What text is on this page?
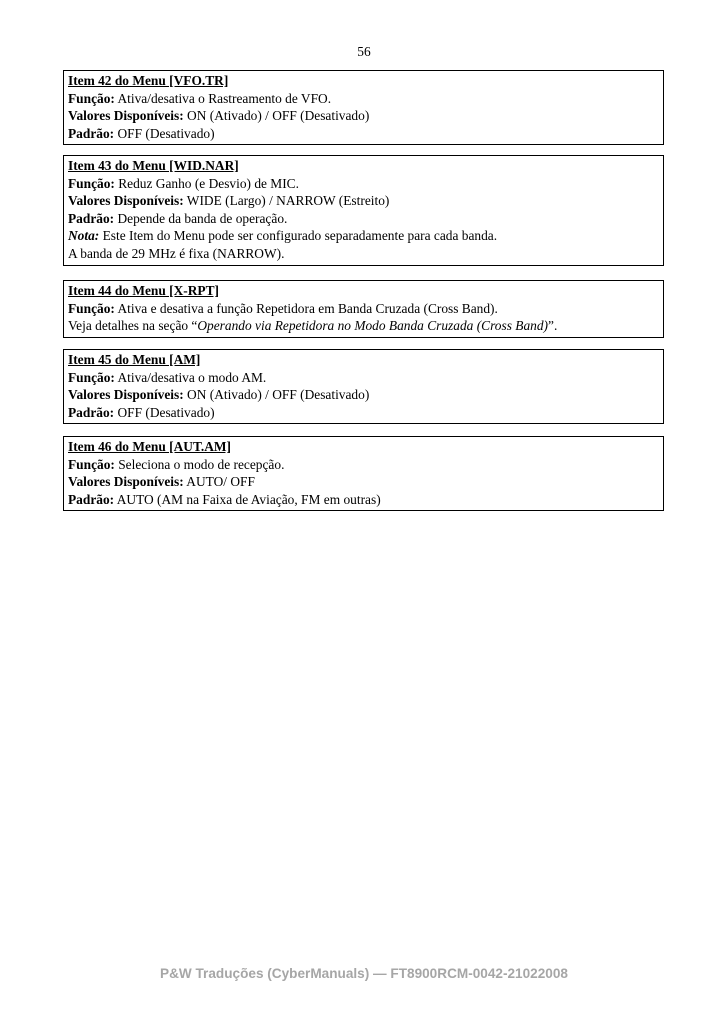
56
Item 42 do Menu [VFO.TR]
Função: Ativa/desativa o Rastreamento de VFO.
Valores Disponíveis: ON (Ativado) / OFF (Desativado)
Padrão: OFF (Desativado)
Item 43 do Menu [WID.NAR]
Função: Reduz Ganho (e Desvio) de MIC.
Valores Disponíveis: WIDE (Largo) / NARROW (Estreito)
Padrão: Depende da banda de operação.
Nota: Este Item do Menu pode ser configurado separadamente para cada banda.
A banda de 29 MHz é fixa (NARROW).
Item 44 do Menu [X-RPT]
Função: Ativa e desativa a função Repetidora em Banda Cruzada (Cross Band).
Veja detalhes na seção “Operando via Repetidora no Modo Banda Cruzada (Cross Band)”.
Item 45 do Menu [AM]
Função: Ativa/desativa o modo AM.
Valores Disponíveis: ON (Ativado) / OFF (Desativado)
Padrão: OFF (Desativado)
Item 46 do Menu [AUT.AM]
Função: Seleciona o modo de recepção.
Valores Disponíveis: AUTO/ OFF
Padrão: AUTO (AM na Faixa de Aviação, FM em outras)
P&W Traduções (CyberManuals) — FT8900RCM-0042-21022008
